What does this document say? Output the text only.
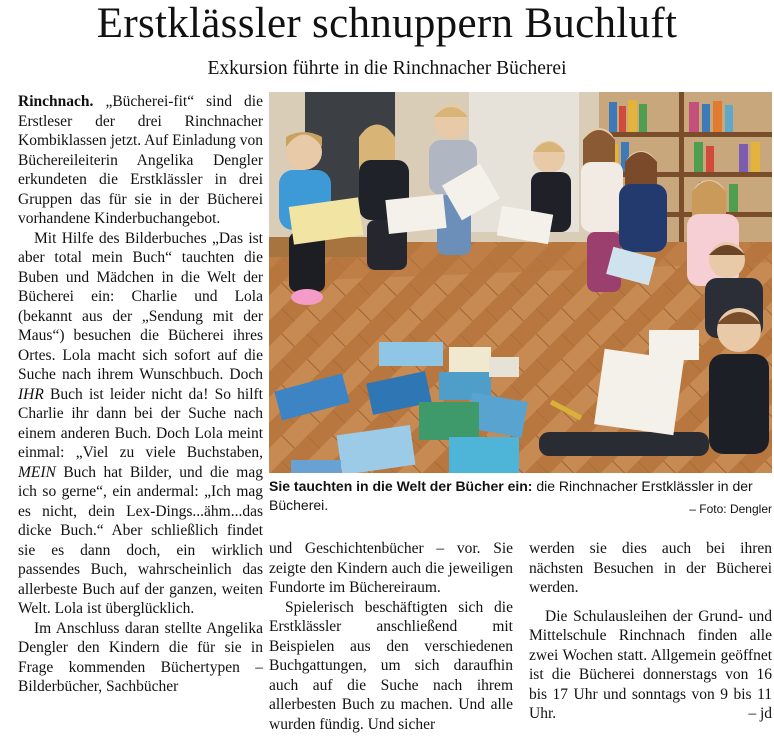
Erstklässler schnuppern Buchluft
Exkursion führte in die Rinchnacher Bücherei

Rinchnach. „Bücherei-fit“ sind die Erstleser der drei Rinchnacher Kombiklassen jetzt. Auf Einladung von Büchereileiterin Angelika Dengler erkundeten die Erstklässler in drei Gruppen das für sie in der Bücherei vorhandene Kinderbuchangebot.

Mit Hilfe des Bilderbuches „Das ist aber total mein Buch“ tauchten die Buben und Mädchen in die Welt der Bücherei ein: Charlie und Lola (bekannt aus der „Sendung mit der Maus“) besuchen die Bücherei ihres Ortes. Lola macht sich sofort auf die Suche nach ihrem Wunschbuch. Doch IHR Buch ist leider nicht da! So hilft Charlie ihr dann bei der Suche nach einem anderen Buch. Doch Lola meint einmal: „Viel zu viele Buchstaben, MEIN Buch hat Bilder, und die mag ich so gerne“, ein andermal: „Ich mag es nicht, dein Lex-Dings...ähm...das dicke Buch.“ Aber schließlich findet sie es dann doch, ein wirklich passendes Buch, wahrscheinlich das allerbeste Buch auf der ganzen, weiten Welt. Lola ist überglücklich.

Im Anschluss daran stellte Angelika Dengler den Kindern die für sie in Frage kommenden Büchertypen – Bilderbücher, Sachbücher

Sie tauchten in die Welt der Bücher ein: die Rinchnacher Erstklässler in der Bücherei.	– Foto: Dengler

und Geschichtenbücher – vor. Sie zeigte den Kindern auch die jeweiligen Fundorte im Büchereiraum.

Spielerisch beschäftigten sich die Erstklässler anschließend mit Beispielen aus den verschiedenen Buchgattungen, um sich daraufhin auch auf die Suche nach ihrem allerbesten Buch zu machen. Und alle wurden fündig. Und sicher

werden sie dies auch bei ihren nächsten Besuchen in der Bücherei werden.

Die Schulausleihen der Grund- und Mittelschule Rinchnach finden alle zwei Wochen statt. Allgemein geöffnet ist die Bücherei donnerstags von 16 bis 17 Uhr und sonntags von 9 bis 11 Uhr.	– jd
